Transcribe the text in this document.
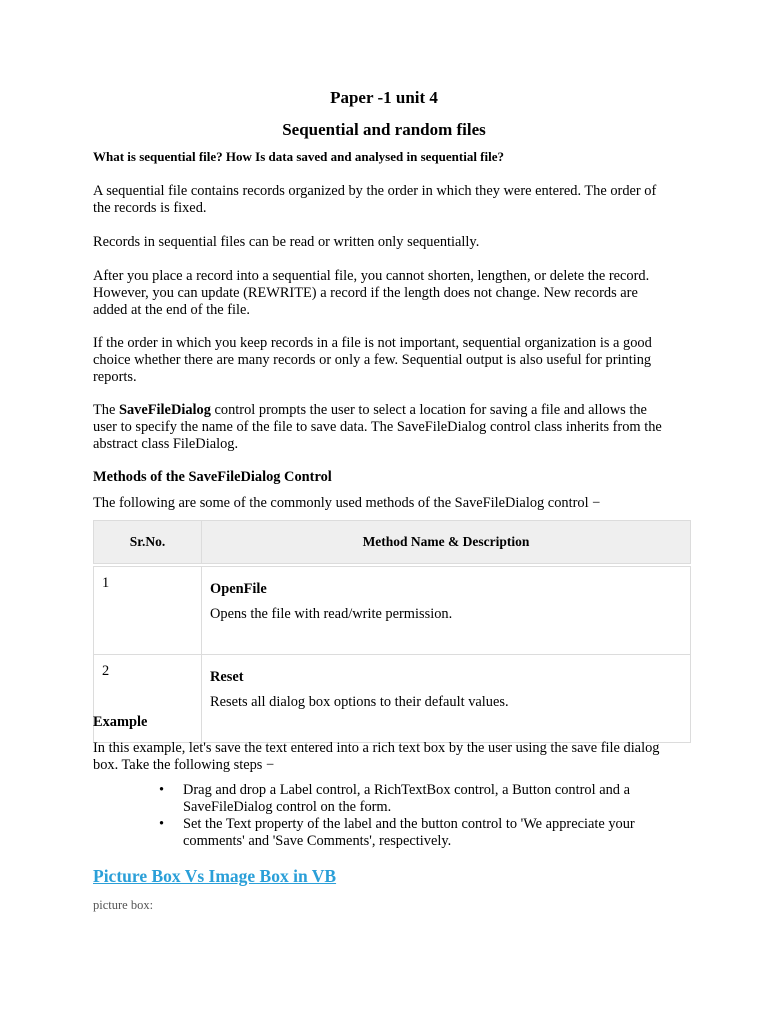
Paper -1 unit 4
Sequential and random files

What is sequential file? How Is data saved and analysed in sequential file?

A sequential file contains records organized by the order in which they were entered. The order of the records is fixed.

Records in sequential files can be read or written only sequentially.

After you place a record into a sequential file, you cannot shorten, lengthen, or delete the record. However, you can update (REWRITE) a record if the length does not change. New records are added at the end of the file.

If the order in which you keep records in a file is not important, sequential organization is a good choice whether there are many records or only a few. Sequential output is also useful for printing reports.

The SaveFileDialog control prompts the user to select a location for saving a file and allows the user to specify the name of the file to save data. The SaveFileDialog control class inherits from the abstract class FileDialog.

Methods of the SaveFileDialog Control

The following are some of the commonly used methods of the SaveFileDialog control −

Sr.No.	Method Name & Description

1	OpenFile

Opens the file with read/write permission.

2	Reset

Resets all dialog box options to their default values.

Example

In this example, let's save the text entered into a rich text box by the user using the save file dialog box. Take the following steps −

• Drag and drop a Label control, a RichTextBox control, a Button control and a SaveFileDialog control on the form.
• Set the Text property of the label and the button control to 'We appreciate your comments' and 'Save Comments', respectively.
Picture Box Vs Image Box in VB

picture box:
